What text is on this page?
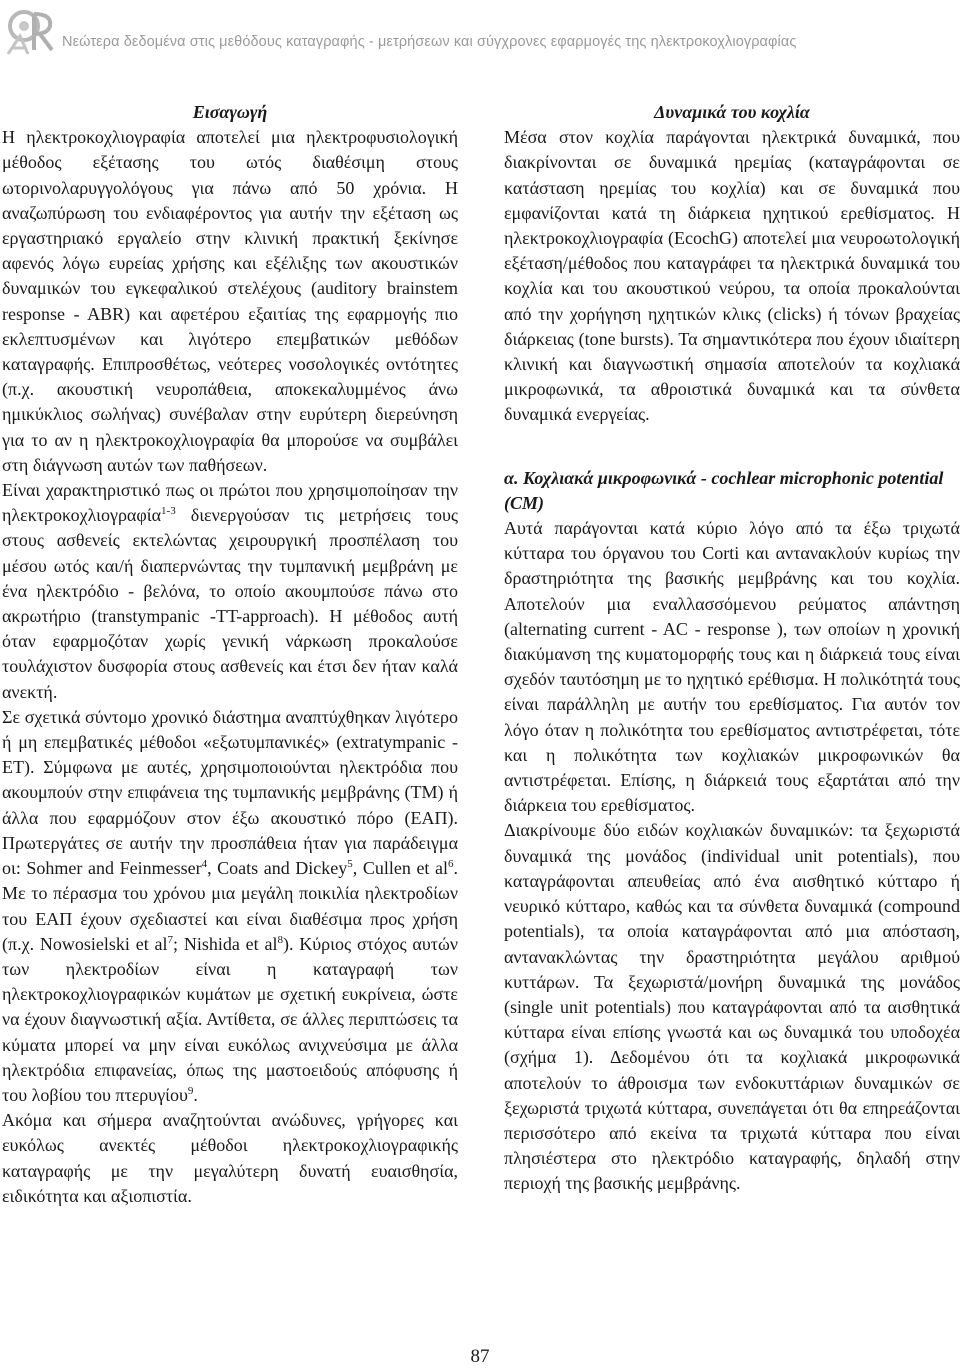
Νεώτερα δεδομένα στις μεθόδους καταγραφής - μετρήσεων και σύγχρονες εφαρμογές της ηλεκτροκοχλιογραφίας
Εισαγωγή

Η ηλεκτροκοχλιογραφία αποτελεί μια ηλεκτροφυσιολογική μέθοδος εξέτασης του ωτός διαθέσιμη στους ωτορινολαρυγγολόγους για πάνω από 50 χρόνια. Η αναζωπύρωση του ενδιαφέροντος για αυτήν την εξέταση ως εργαστηριακό εργαλείο στην κλινική πρακτική ξεκίνησε αφενός λόγω ευρείας χρήσης και εξέλιξης των ακουστικών δυναμικών του εγκεφαλικού στελέχους (auditory brainstem response - ABR) και αφετέρου εξαιτίας της εφαρμογής πιο εκλεπτυσμένων και λιγότερο επεμβατικών μεθόδων καταγραφής. Επιπροσθέτως, νεότερες νοσολογικές οντότητες (π.χ. ακουστική νευροπάθεια, αποκεκαλυμμένος άνω ημικύκλιος σωλήνας) συνέβαλαν στην ευρύτερη διερεύνηση για το αν η ηλεκτροκοχλιογραφία θα μπορούσε να συμβάλει στη διάγνωση αυτών των παθήσεων.

Είναι χαρακτηριστικό πως οι πρώτοι που χρησιμοποίησαν την ηλεκτροκοχλιογραφία$^{1-3}$ διενεργούσαν τις μετρήσεις τους στους ασθενείς εκτελώντας χειρουργική προσπέλαση του μέσου ωτός και/ή διαπερνώντας την τυμπανική μεμβράνη με ένα ηλεκτρόδιο - βελόνα, το οποίο ακουμπούσε πάνω στο ακρωτήριο (transtympanic -TT-approach). Η μέθοδος αυτή όταν εφαρμοζόταν χωρίς γενική νάρκωση προκαλούσε τουλάχιστον δυσφορία στους ασθενείς και έτσι δεν ήταν καλά ανεκτή.

Σε σχετικά σύντομο χρονικό διάστημα αναπτύχθηκαν λιγότερο ή μη επεμβατικές μέθοδοι «εξωτυμπανικές» (extratympanic - ET). Σύμφωνα με αυτές, χρησιμοποιούνται ηλεκτρόδια που ακουμπούν στην επιφάνεια της τυμπανικής μεμβράνης (TM) ή άλλα που εφαρμόζουν στον έξω ακουστικό πόρο (ΕΑΠ). Πρωτεργάτες σε αυτήν την προσπάθεια ήταν για παράδειγμα οι: Sohmer and Feinmesser$^4$, Coats and Dickey$^5$, Cullen et $al^6$. Με το πέρασμα του χρόνου μια μεγάλη ποικιλία ηλεκτροδίων του ΕΑΠ έχουν σχεδιαστεί και είναι διαθέσιμα προς χρήση (π.χ. Nowosielski et $al^7$; Nishida et $al^8$). Κύριος στόχος αυτών των ηλεκτροδίων είναι η καταγραφή των ηλεκτροκοχλιογραφικών κυμάτων με σχετική ευκρίνεια, ώστε να έχουν διαγνωστική αξία. Αντίθετα, σε άλλες περιπτώσεις τα κύματα μπορεί να μην είναι ευκόλως ανιχνεύσιμα με άλλα ηλεκτρόδια επιφανείας, όπως της μαστοειδούς απόφυσης ή του λοβίου του πτερυγίου$^9$.

Ακόμα και σήμερα αναζητούνται ανώδυνες, γρήγορες και ευκόλως ανεκτές μέθοδοι ηλεκτροκοχλιογραφικής καταγραφής με την μεγαλύτερη δυνατή ευαισθησία, ειδικότητα και αξιοπιστία.

Δυναμικά του κοχλία

Μέσα στον κοχλία παράγονται ηλεκτρικά δυναμικά, που διακρίνονται σε δυναμικά ηρεμίας (καταγράφονται σε κατάσταση ηρεμίας του κοχλία) και σε δυναμικά που εμφανίζονται κατά τη διάρκεια ηχητικού ερεθίσματος. Η ηλεκτροκοχλιογραφία (EcochG) αποτελεί μια νευροωτολογική εξέταση/μέθοδος που καταγράφει τα ηλεκτρικά δυναμικά του κοχλία και του ακουστικού νεύρου, τα οποία προκαλούνται από την χορήγηση ηχητικών κλικς (clicks) ή τόνων βραχείας διάρκειας (tone bursts). Τα σημαντικότερα που έχουν ιδιαίτερη κλινική και διαγνωστική σημασία αποτελούν τα κοχλιακά μικροφωνικά, τα αθροιστικά δυναμικά και τα σύνθετα δυναμικά ενεργείας.

α. Κοχλιακά μικροφωνικά - cochlear microphonic potential (CM)

Αυτά παράγονται κατά κύριο λόγο από τα έξω τριχωτά κύτταρα του όργανου του Corti και αντανακλούν κυρίως την δραστηριότητα της βασικής μεμβράνης και του κοχλία. Αποτελούν μια εναλλασσόμενου ρεύματος απάντηση (alternating current - AC - response ), των οποίων η χρονική διακύμανση της κυματομορφής τους και η διάρκειά τους είναι σχεδόν ταυτόσημη με το ηχητικό ερέθισμα. Η πολικότητά τους είναι παράλληλη με αυτήν του ερεθίσματος. Για αυτόν τον λόγο όταν η πολικότητα του ερεθίσματος αντιστρέφεται, τότε και η πολικότητα των κοχλιακών μικροφωνικών θα αντιστρέφεται. Επίσης, η διάρκειά τους εξαρτάται από την διάρκεια του ερεθίσματος.

Διακρίνουμε δύο ειδών κοχλιακών δυναμικών: τα ξεχωριστά δυναμικά της μονάδος (individual unit potentials), που καταγράφονται απευθείας από ένα αισθητικό κύτταρο ή νευρικό κύτταρο, καθώς και τα σύνθετα δυναμικά (compound potentials), τα οποία καταγράφονται από μια απόσταση, αντανακλώντας την δραστηριότητα μεγάλου αριθμού κυττάρων. Τα ξεχωριστά/μονήρη δυναμικά της μονάδος (single unit potentials) που καταγράφονται από τα αισθητικά κύτταρα είναι επίσης γνωστά και ως δυναμικά του υποδοχέα (σχήμα 1). Δεδομένου ότι τα κοχλιακά μικροφωνικά αποτελούν το άθροισμα των ενδοκυττάριων δυναμικών σε ξεχωριστά τριχωτά κύτταρα, συνεπάγεται ότι θα επηρεάζονται περισσότερο από εκείνα τα τριχωτά κύτταρα που είναι πλησιέστερα στο ηλεκτρόδιο καταγραφής, δηλαδή στην περιοχή της βασικής μεμβράνης.

87
